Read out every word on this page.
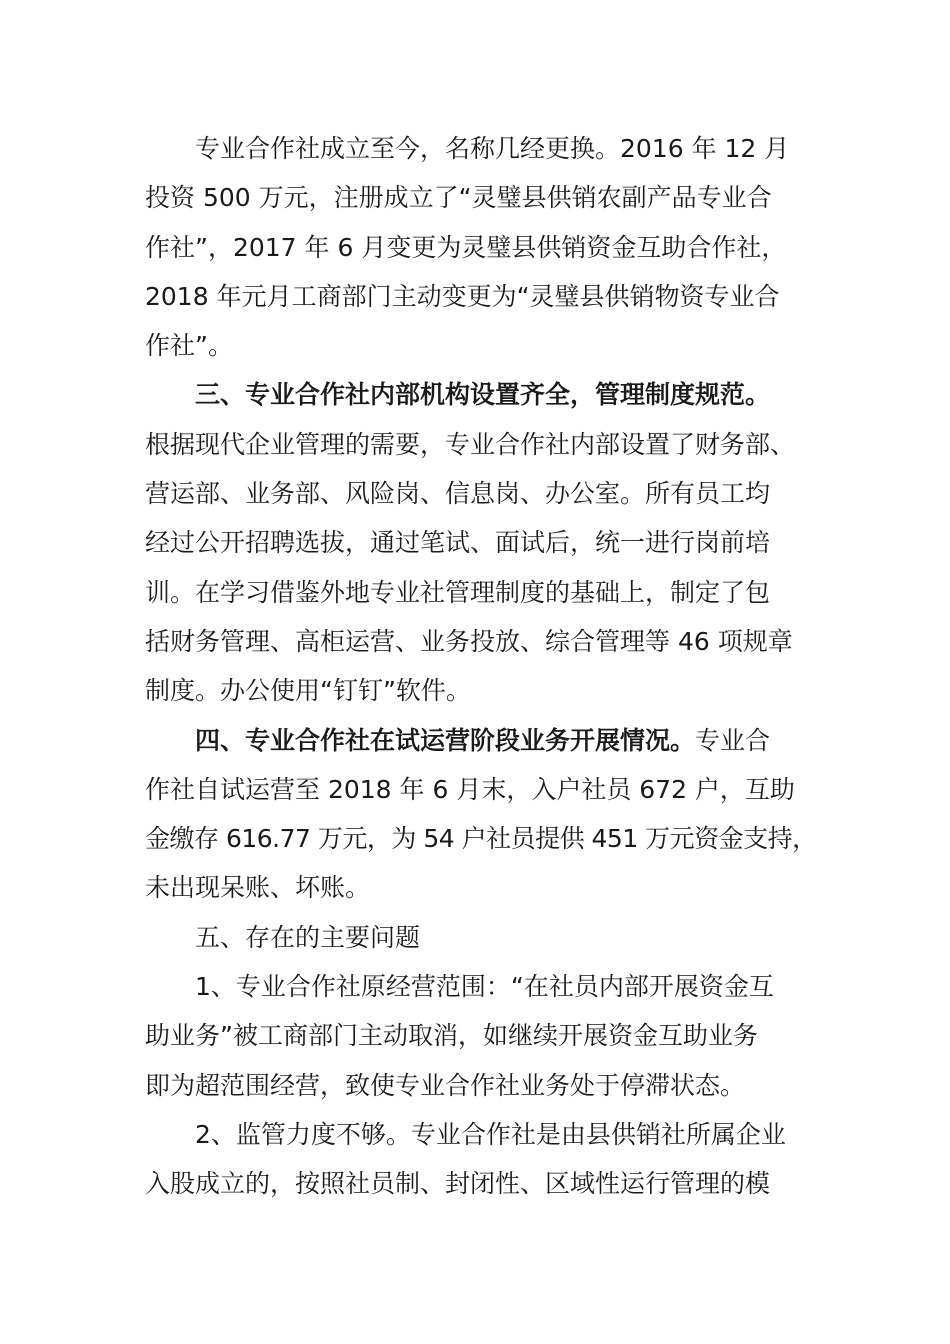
专业合作社成立至今，名称几经更换。2016 年 12 月
投资 500 万元，注册成立了“灵璧县供销农副产品专业合
作社”，2017 年 6 月变更为灵璧县供销资金互助合作社，
2018 年元月工商部门主动变更为“灵璧县供销物资专业合
作社”。
三、专业合作社内部机构设置齐全，管理制度规范。
根据现代企业管理的需要，专业合作社内部设置了财务部、
营运部、业务部、风险岗、信息岗、办公室。所有员工均
经过公开招聘选拔，通过笔试、面试后，统一进行岗前培
训。在学习借鉴外地专业社管理制度的基础上，制定了包
括财务管理、高柜运营、业务投放、综合管理等 46 项规章
制度。办公使用“钉钉”软件。
四、专业合作社在试运营阶段业务开展情况。专业合
作社自试运营至 2018 年 6 月末，入户社员 672 户，互助
金缴存 616.77 万元，为 54 户社员提供 451 万元资金支持，
未出现呆账、坏账。
五、存在的主要问题
1、专业合作社原经营范围：“在社员内部开展资金互
助业务”被工商部门主动取消，如继续开展资金互助业务
即为超范围经营，致使专业合作社业务处于停滞状态。
2、监管力度不够。专业合作社是由县供销社所属企业
入股成立的，按照社员制、封闭性、区域性运行管理的模
